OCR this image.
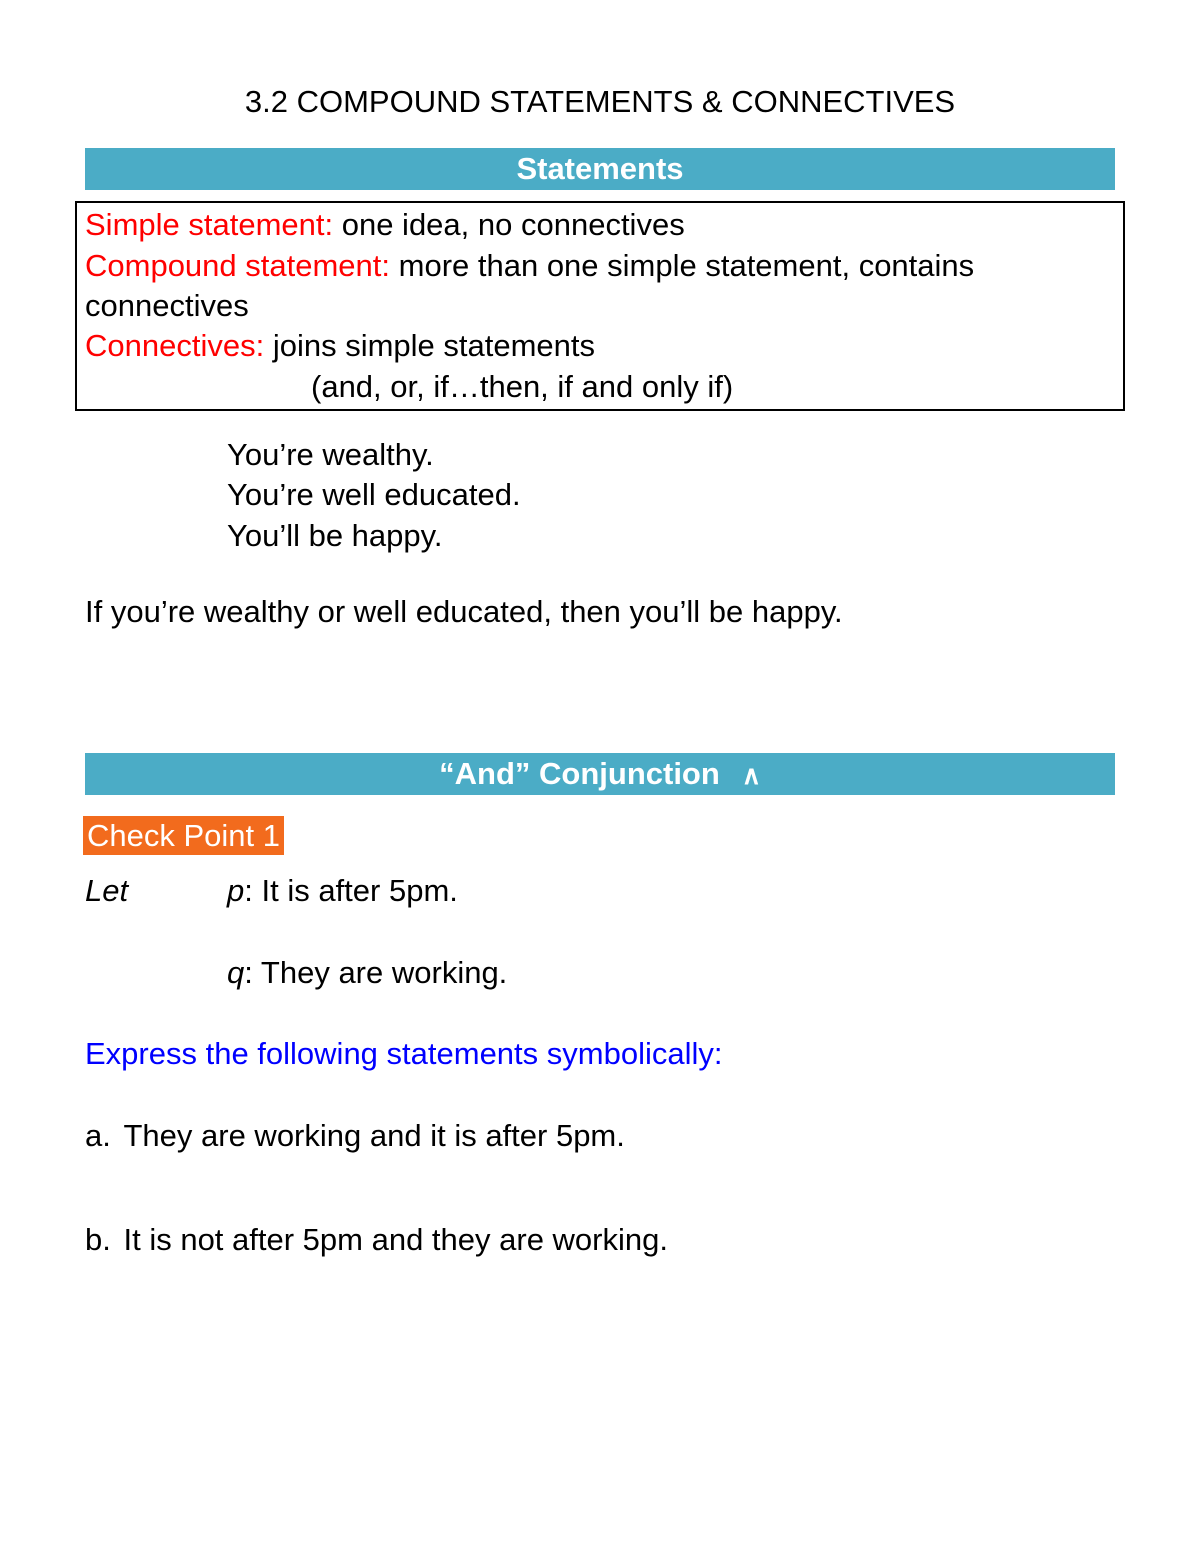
3.2 COMPOUND STATEMENTS & CONNECTIVES
Statements
Simple statement: one idea, no connectives
Compound statement: more than one simple statement, contains
connectives
Connectives: joins simple statements
(and, or, if…then, if and only if)
You’re wealthy.
You’re well educated.
You’ll be happy.
If you’re wealthy or well educated, then you’ll be happy.
“And” Conjunction ∧
Check Point 1
Let	p: It is after 5pm.
q: They are working.
Express the following statements symbolically:
a. They are working and it is after 5pm.
b. It is not after 5pm and they are working.
